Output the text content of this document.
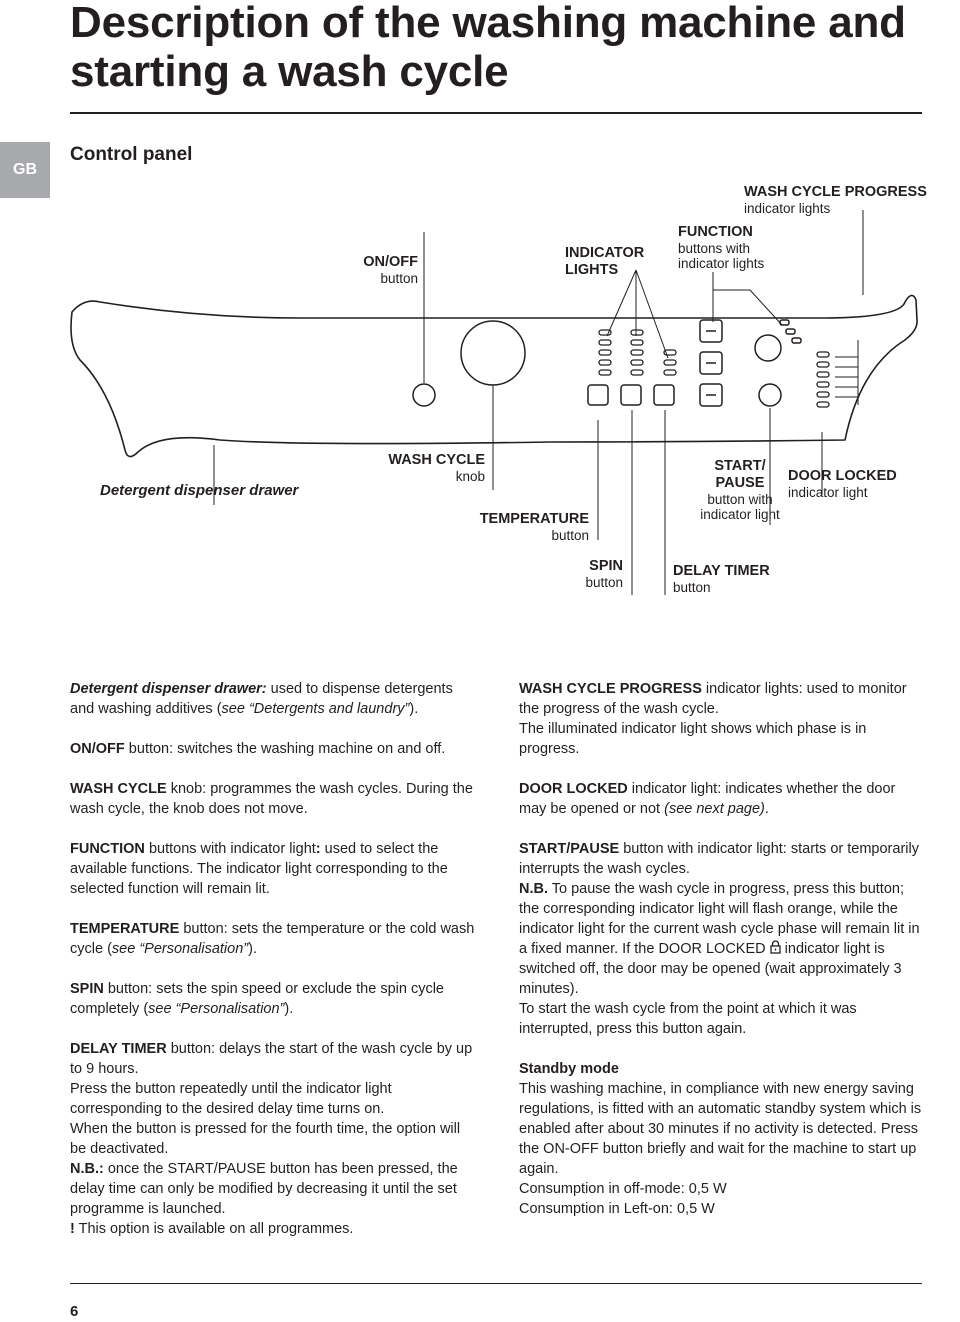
Description of the washing machine and starting a wash cycle
GB
Control panel
ON/OFF
button
INDICATOR LIGHTS
FUNCTION
buttons with
indicator lights
WASH CYCLE PROGRESS
indicator lights
Detergent dispenser drawer
WASH CYCLE
knob
TEMPERATURE
button
START/
PAUSE
button with
indicator light
DOOR LOCKED
indicator light
SPIN
button
DELAY TIMER
button

Detergent dispenser drawer: used to dispense detergents and washing additives (see “Detergents and laundry”).

ON/OFF button: switches the washing machine on and off.

WASH CYCLE knob: programmes the wash cycles. During the wash cycle, the knob does not move.

FUNCTION buttons with indicator light: used to select the available functions. The indicator light corresponding to the selected function will remain lit.

TEMPERATURE button: sets the temperature or the cold wash cycle (see “Personalisation”).

SPIN button: sets the spin speed or exclude the spin cycle completely (see “Personalisation”).

DELAY TIMER button: delays the start of the wash cycle by up to 9 hours.

Press the button repeatedly until the indicator light corresponding to the desired delay time turns on.

When the button is pressed for the fourth time, the option will be deactivated.

N.B.: once the START/PAUSE button has been pressed, the delay time can only be modified by decreasing it until the set programme is launched.

! This option is available on all programmes.

WASH CYCLE PROGRESS indicator lights: used to monitor the progress of the wash cycle.

The illuminated indicator light shows which phase is in progress.

DOOR LOCKED indicator light: indicates whether the door may be opened or not (see next page).

START/PAUSE button with indicator light: starts or temporarily interrupts the wash cycles.

N.B. To pause the wash cycle in progress, press this button; the corresponding indicator light will flash orange, while the indicator light for the current wash cycle phase will remain lit in a fixed manner. If the DOOR LOCKED  indicator light is switched off, the door may be opened (wait approximately 3 minutes).

To start the wash cycle from the point at which it was interrupted, press this button again.

Standby mode

This washing machine, in compliance with new energy saving regulations, is fitted with an automatic standby system which is enabled after about 30 minutes if no activity is detected. Press the ON-OFF button briefly and wait for the machine to start up again.

Consumption in off-mode: 0,5 W

Consumption in Left-on: 0,5 W

6
